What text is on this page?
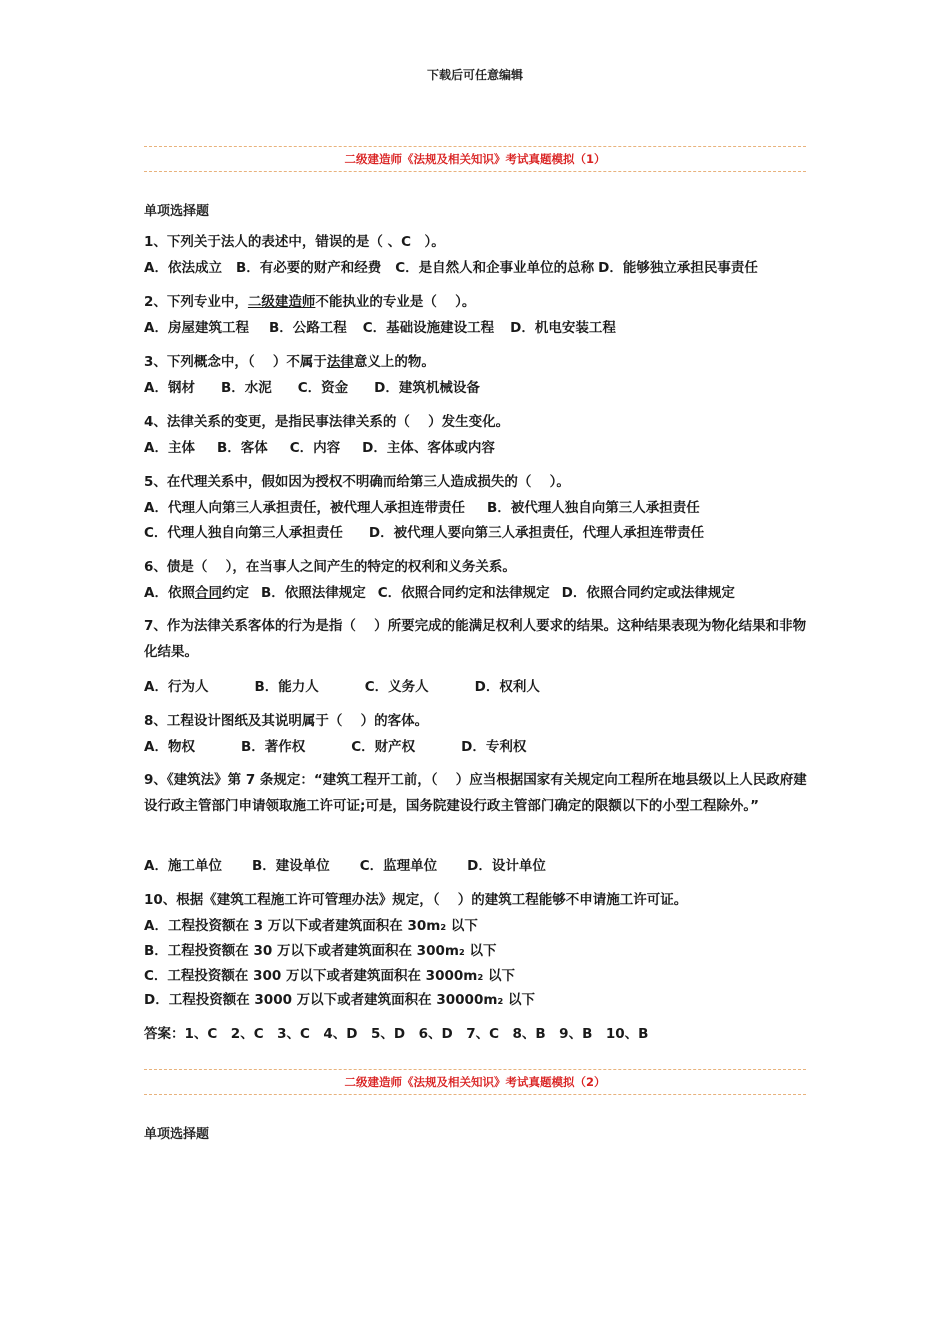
下载后可任意编辑
二级建造师《法规及相关知识》考试真题模拟（1）
单项选择题
1、下列关于法人的表述中，错误的是（ 、C　）。
A．依法成立 B．有必要的财产和经费 C．是自然人和企事业单位的总称 D．能够独立承担民事责任
2、下列专业中，二级建造师不能执业的专业是（　 ）。
A．房屋建筑工程 B．公路工程 C．基础设施建设工程 D．机电安装工程
3、下列概念中，（　 ）不属于法律意义上的物。
A．钢材 B．水泥 C．资金 D．建筑机械设备
4、法律关系的变更，是指民事法律关系的（　 ）发生变化。
A．主体 B．客体 C．内容 D．主体、客体或内容
5、在代理关系中，假如因为授权不明确而给第三人造成损失的（　 ）。
A．代理人向第三人承担责任，被代理人承担连带责任 B．被代理人独自向第三人承担责任
C．代理人独自向第三人承担责任 D．被代理人要向第三人承担责任，代理人承担连带责任
6、债是（　 ），在当事人之间产生的特定的权利和义务关系。
A．依照合同约定 B．依照法律规定 C．依照合同约定和法律规定 D．依照合同约定或法律规定
7、作为法律关系客体的行为是指（　 ）所要完成的能满足权利人要求的结果。这种结果表现为物化结果和非物化结果。
A．行为人	B．能力人	C．义务人	D．权利人
8、工程设计图纸及其说明属于（　 ）的客体。
A．物权	B．著作权	C．财产权	D．专利权
9、《建筑法》第 7 条规定：“建筑工程开工前，（　 ）应当根据国家有关规定向工程所在地县级以上人民政府建设行政主管部门申请领取施工许可证;可是，国务院建设行政主管部门确定的限额以下的小型工程除外。”
A．施工单位 B．建设单位 C．监理单位 D．设计单位
10、根据《建筑工程施工许可管理办法》规定，（　 ）的建筑工程能够不申请施工许可证。
A．工程投资额在 3 万以下或者建筑面积在 30m₂ 以下
B．工程投资额在 30 万以下或者建筑面积在 300m₂ 以下
C．工程投资额在 300 万以下或者建筑面积在 3000m₂ 以下
D．工程投资额在 3000 万以下或者建筑面积在 30000m₂ 以下
答案：1、C　2、C　3、C　4、D　5、D　6、D　7、C　8、B　9、B　10、B
二级建造师《法规及相关知识》考试真题模拟（2）
单项选择题
